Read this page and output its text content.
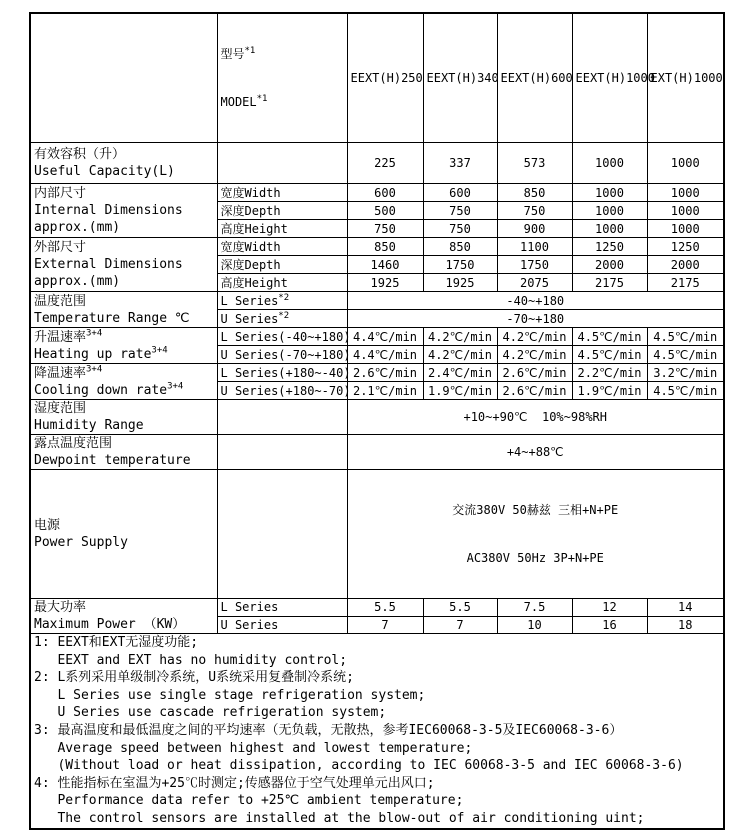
	型号$^{*1}$

MODEL$^{*1}$	EEXT(H)250	EEXT(H)340	EEXT(H)600	EEXT(H)1000	EXT(H)1000

有效容积（升）
Useful Capacity(L)		225	337	573	1000	1000

内部尺寸
Internal Dimensions
approx.(mm)	宽度Width	600	600	850	1000	1000
	深度Depth	500	750	750	1000	1000
	高度Height	750	750	900	1000	1000

外部尺寸
External Dimensions
approx.(mm)	宽度Width	850	850	1100	1250	1250
	深度Depth	1460	1750	1750	2000	2000
	高度Height	1925	1925	2075	2175	2175

温度范围
Temperature Range ℃	L Series$^{*2}$	-40~+180				
	U Series$^{*2}$	-70~+180				

升温速率$^{3+4}$
Heating up rate$^{3+4}$	L Series(-40~+180)	4.4℃/min	4.2℃/min	4.2℃/min	4.5℃/min	4.5℃/min
	U Series(-70~+180)	4.4℃/min	4.2℃/min	4.2℃/min	4.5℃/min	4.5℃/min

降温速率$^{3+4}$
Cooling down rate$^{3+4}$	L Series(+180~-40)	2.6℃/min	2.4℃/min	2.6℃/min	2.2℃/min	3.2℃/min
	U Series(+180~-70)	2.1℃/min	1.9℃/min	2.6℃/min	1.9℃/min	4.5℃/min

湿度范围
Humidity Range		+10~+90℃  10%~98%RH				

露点温度范围
Dewpoint temperature		+4~+88℃				

电源
Power Supply

交流380V 50赫兹 三相+N+PE

AC380V 50Hz 3P+N+PE

最大功率
Maximum Power （KW）	L Series	5.5	5.5	7.5	12	14
	U Series	7	7	10	16	18

1: EEXT和EXT无湿度功能;
EEXT and EXT has no humidity control;
2: L系列采用单级制冷系统，U系统采用复叠制冷系统;
L Series use single stage refrigeration system;
U Series use cascade refrigeration system;
3: 最高温度和最低温度之间的平均速率（无负载，无散热，参考IEC60068-3-5及IEC60068-3-6）
Average speed between highest and lowest temperature;
(Without load or heat dissipation, according to IEC 60068-3-5 and IEC 60068-3-6)
4: 性能指标在室温为+25℃时测定;传感器位于空气处理单元出风口;
Performance data refer to +25℃ ambient temperature;
The control sensors are installed at the blow-out of air conditioning uint;
